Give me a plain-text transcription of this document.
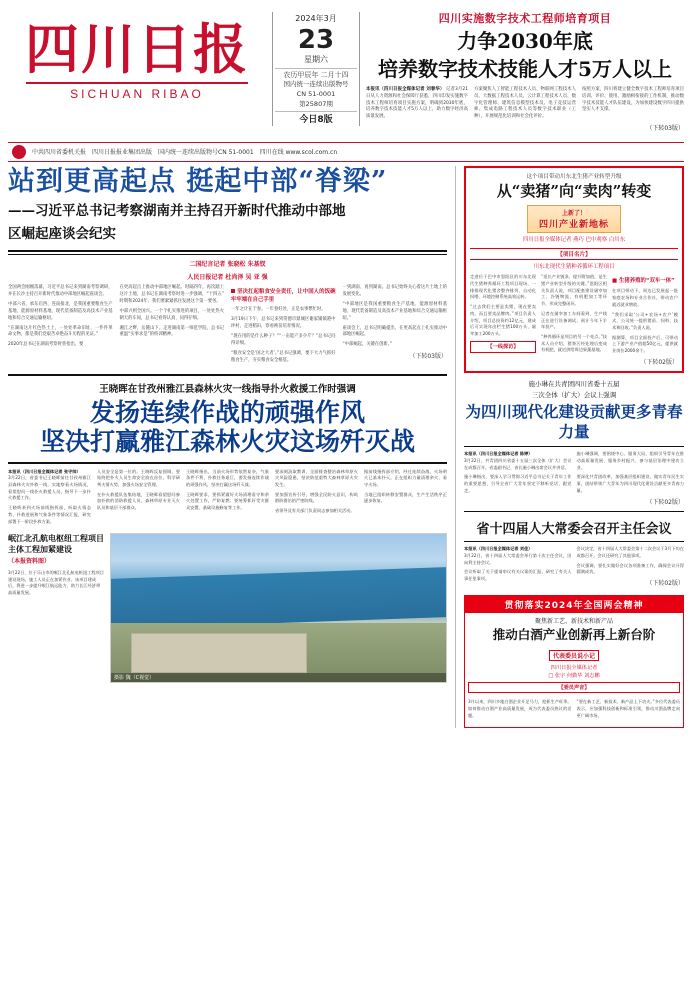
四川日报
SICHUAN RIBAO
2024年3月
23
星期六
农历甲辰年 二月十四
国内统一连续出版物号
CN 51-0001
第25807期
今日8版
四川实施数字技术工程师培育项目
力争2030年底
培养数字技术技能人才5万人以上
本报讯（四川日报全媒体记者 刘春华） 记者3月21日从人力资源和社会保障厅获悉，四川印发实施数字技术工程师培育项目实施方案，明确到2030年底，培养数字技术技能人才5万人以上，助力数字经济高质量发展。
方案聚焦人工智能工程技术人员、物联网工程技术人员、大数据工程技术人员、云计算工程技术人员、数字化管理师、建筑信息模型技术员、电子竞技运营师、集成电路工程技术人员等数字技术职业（工种），开展规范化培训和社会化评价。
按照方案，四川将建立健全数字技术工程师培育项目培训、评价、使用、激励相衔接的工作机制，推动数字技术技能人才队伍建设，为加快建设数字四川提供坚实人才支撑。
（下转03版）
中共四川省委机关报　四川日报报业集团出版　国内统一连续出版物号CN 51-0001　四川在线 www.scol.com.cn
站到更高起点 挺起中部“脊梁”
——习近平总书记考察湖南并主持召开新时代推动中部地
区崛起座谈会纪实
二国纪言记者 张晓松 朱基钗
人民日报记者 杜尚泽 吴 亚 强

全国两会刚刚落幕，习近平总书记来到湖南考察调研，并在长沙主持召开新时代推动中部地区崛起座谈会。

中部六省，承东启西、连南接北，是我国重要粮食生产基地、能源原材料基地、现代装备制造及高技术产业基地和综合交通运输枢纽。

“在湖南这片红色热土上，一处处革命旧址、一件件革命文物，都是我们党艰苦卓绝奋斗历程的见证。”

2020年总书记在湖南考察时曾指出，要

在更高起点上推动中部地区崛起。时隔四年，再次踏上这片土地，总书记在湖南考察时进一步强调，“十四五”时期和2024年，我们要紧紧抓住发展这个第一要务。

中部兴则全国兴。一个个扎实推进的项目，一处处热火朝天的车间，总书记看得认真、问得仔细。

湘江之畔，岳麓山下。走进湖南第一师范学院，总书记重温“实事求是”的校训精神。

坚决扛起粮食安全责任，让中国人的饭碗牢牢端在自己手里

一年之计在于春。一年春好处，正是农事繁忙时。

3月19日下午，总书记来到常德市鼎城区谢家铺镇港中坪村，走进稻田，察看秧苗培育情况。

“现在用的是什么种子？”“一亩能产多少斤？”总书记问得详细。

“粮食安全是‘国之大者’。”总书记强调，要下大力气抓好粮食生产，夯实粮食安全根基。

一到湖南、再到湖南。总书记始终关心着这片土地上的发展变化。

“中部地区是我国重要粮食生产基地、能源原材料基地、现代装备制造及高技术产业基地和综合交通运输枢纽。”

座谈会上，总书记明确提出，在更高起点上扎实推动中部地区崛起。

“中部崛起，关键在创新。”

（下转03版）
王晓晖在甘孜州雅江县森林火灾一线指导扑火救援工作时强调
发扬连续作战的顽强作风
坚决打赢雅江森林火灾这场歼灭战
本报讯（四川日报全媒体记者 张守帅）

3月22日，省委书记王晓晖前往甘孜州雅江县森林火灾扑救一线，实地察看火场情况，看望慰问一线扑火救援人员，指导下一步扑火救援工作。

王晓晖来到火场前线指挥部，听取火情态势、扑救进展和气象条件等情况汇报，研究部署下一阶段扑救方案。

人员安全是第一位的。王晓晖反复强调，要始终把扑火人员生命安全放在首位，科学研判火情火势，加强火场安全管理。

在扑火救援队伍集结地，王晓晖看望慰问参加扑救的消防救援人员、森林草原专业灭火队员和基层干部群众。

王晓晖指出，当前火场形势依然复杂，气象条件不利，扑救任务艰巨，要发扬连续作战的顽强作风，坚决打赢这场歼灭战。

王晓晖要求，要抓紧做好火场清理看守和余火处置工作，严防复燃；要统筹抓好受灾群众安置、基础设施修复等工作。

要深刻汲取教训，全面排查整治森林草原火灾风险隐患，坚决防范重特大森林草原火灾发生。

要加强宣传引导，增强全民防火意识，构筑群防群治的严密防线。

省领导及有关部门负责同志参加相关活动。

据前线指挥部介绍，经过连续奋战，火场明火已基本扑灭，正在组织力量清理余火、看守火场。

当地已组织转移安置群众，生产生活秩序正逐步恢复。

岷江北孔航电枢纽工程项目主体工程加紧建设
（本报资料图）
3月22日，位于乐山市的岷江北孔航电枢纽工程项目建设现场，施工人员正在加紧作业。该项目建成后，将进一步提升岷江航运能力，助力长江经济带高质量发展。
摄影 魏（C视觉）
这个项目带动川东北生猪产业转型升级
从“卖猪”向“卖肉”转变
上新了！
四川产业新地标
四川日报全媒体记者 燕巧 巴中观察 白川东
【项目名片】
川东北现代生猪种养循环工程项目

走进位于巴中市恩阳区的川东北现代生猪种养循环工程项目现场，一排排现代化猪舍整齐排列，自动化饲喂、环境控制系统高效运转。

“过去我们主要是卖猪，现在要卖肉，而且要卖品牌肉。”项目负责人介绍，项目总投资约12亿元，建成后可实现年出栏生猪100万头、屠宰加工200万头。

【一线探访】

“延长产业链条、提升附加值，是生猪产业转型升级的关键。”恩阳区相关负责人说，项目配套建设屠宰加工、冷链物流、有机肥加工等环节，形成完整闭环。

记者在屠宰加工车间看到，生产线正在进行设备调试，预计今年下半年投产。

“种养循环是项目的另一个亮点。”技术人员介绍，猪粪污经处理后变成有机肥，就近供给周边果蔬基地。

■ 生猪养殖的“双车一体”

在项目带动下，周边已发展起一批家庭农场和专业合作社，带动农户就近就业增收。

“我们采取‘公司+农场+农户’模式，公司统一提供猪苗、饲料、技术和回收。”负责人说。

据测算，项目全面投产后，可带动上下游产业产值超50亿元，提供就业岗位2000余个。

（下转02版）
施小琳在共青团四川省委十五届
三次全体（扩大）会议上强调
为四川现代化建设贡献更多青春力量
本报讯（四川日报全媒体记者 陈婷）

3月22日，共青团四川省委十五届三次全体（扩大）会议在成都召开。省委副书记、省长施小琳出席会议并讲话。

施小琳指出，要深入学习贯彻习近平总书记关于青年工作的重要思想，引导全省广大青年坚定不移听党话、跟党走。

施小琳强调，要围绕中心、服务大局，组织引导青年在推动高质量发展、服务乡村振兴、参与基层治理中建功立业。

要深化共青团改革，加强基层组织建设，做实青年民生实事，团结带领广大青年为四川现代化建设贡献更多青春力量。

（下转02版）
省十四届人大常委会召开主任会议
本报讯（四川日报全媒体记者 刘佳）

3月22日，省十四届人大常委会举行第十次主任会议，田向利主持会议。

会议听取了关于提请审议有关议案的汇报，研究了有关人事任免事项。

会议决定，省十四届人大常委会第十二次会议于3月下旬在成都召开。会议还研究了其他事项。

会议强调，要扎实做好会议各项准备工作，确保会议开得圆满成功。

（下转02版）
贯彻落实2024年全国两会精神
聚焦新工艺、新技术和新产品
推动白酒产业创新再上新台阶
代表委员说小记
四川日报全媒体记者
□ 张宇 何勤华 刘志鹏
【委员声音】

3月以来，四川多地白酒企业开足马力，抢抓生产旺季。如何推动白酒产业高质量发展，成为代表委员热议的话题。

“要在新工艺、新技术、新产品上下功夫。”多位代表委员表示，应加强科技创新和标准引领，推动川酒品牌走向更广阔市场。
